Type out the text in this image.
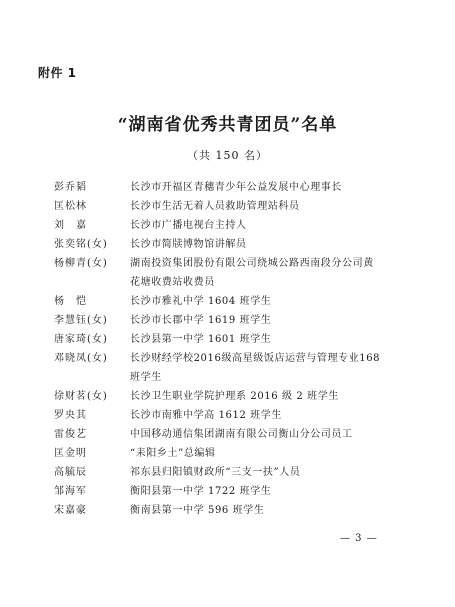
附件 1
“湖南省优秀共青团员”名单
（共 150 名）
彭乔韬	长沙市开福区青穗青少年公益发展中心理事长
匡松林	长沙市生活无着人员救助管理站科员
刘　嘉	长沙市广播电视台主持人
张奕铭(女)	长沙市简牍博物馆讲解员
杨柳青(女)	湖南投资集团股份有限公司绕城公路西南段分公司黄
花塘收费站收费员
杨　恺	长沙市雅礼中学 1604 班学生
李慧钰(女)	长沙市长郡中学 1619 班学生
唐家琦(女)	长沙县第一中学 1601 班学生
邓晓凤(女)	长沙财经学校2016级高星级饭店运营与管理专业168
班学生
徐财茗(女)	长沙卫生职业学院护理系 2016 级 2 班学生
罗央其	长沙市南雅中学高 1612 班学生
雷俊艺	中国移动通信集团湖南有限公司衡山分公司员工
匡金明	“耒阳乡土”总编辑
高毓辰	祁东县归阳镇财政所“三支一扶”人员
邹海军	衡阳县第一中学 1722 班学生
宋嘉豪	衡南县第一中学 596 班学生
— 3 —
